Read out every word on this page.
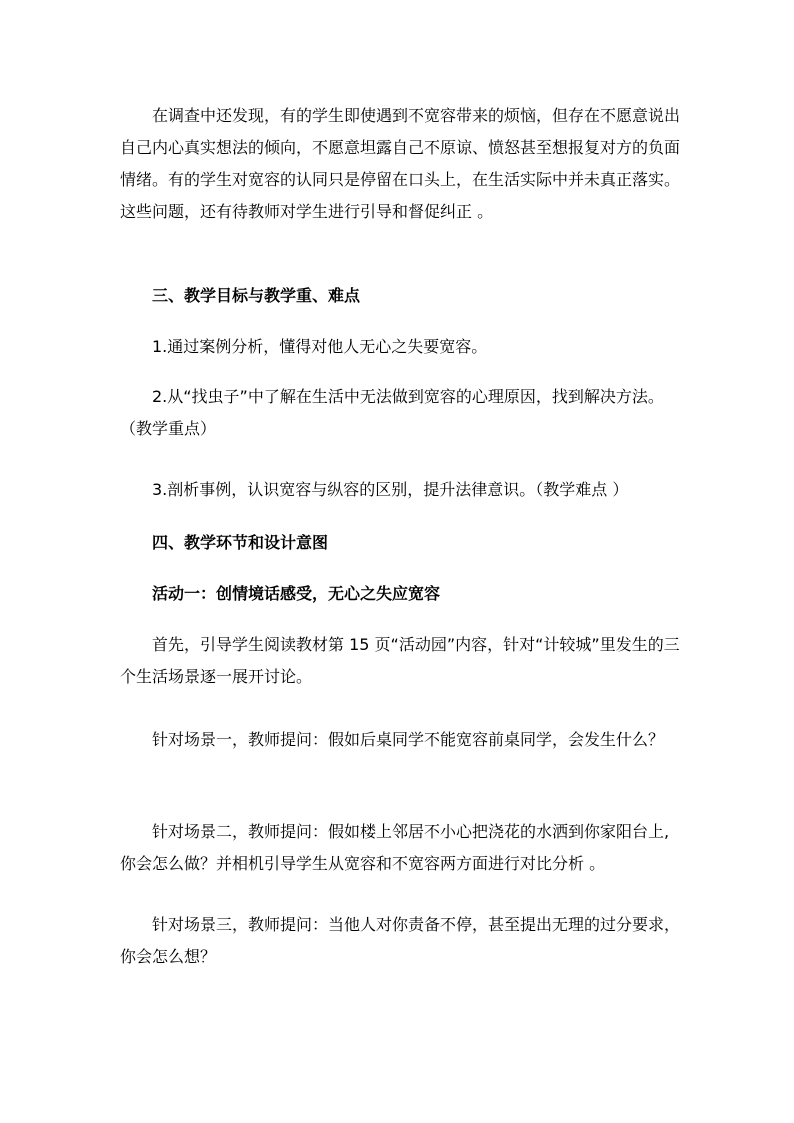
在调查中还发现，有的学生即使遇到不宽容带来的烦恼，但存在不愿意说出自己内心真实想法的倾向，不愿意坦露自己不原谅、愤怒甚至想报复对方的负面情绪。有的学生对宽容的认同只是停留在口头上，在生活实际中并未真正落实。这些问题，还有待教师对学生进行引导和督促纠正 。

三、教学目标与教学重、难点

1.通过案例分析，懂得对他人无心之失要宽容。

2.从“找虫子”中了解在生活中无法做到宽容的心理原因，找到解决方法。（教学重点）

3.剖析事例，认识宽容与纵容的区别，提升法律意识。（教学难点 ）

四、教学环节和设计意图

活动一：创情境话感受，无心之失应宽容

首先，引导学生阅读教材第 15 页“活动园”内容，针对“计较城”里发生的三个生活场景逐一展开讨论。

针对场景一，教师提问：假如后桌同学不能宽容前桌同学，会发生什么？

针对场景二，教师提问：假如楼上邻居不小心把浇花的水洒到你家阳台上,你会怎么做？并相机引导学生从宽容和不宽容两方面进行对比分析 。

针对场景三，教师提问：当他人对你责备不停，甚至提出无理的过分要求，你会怎么想？
